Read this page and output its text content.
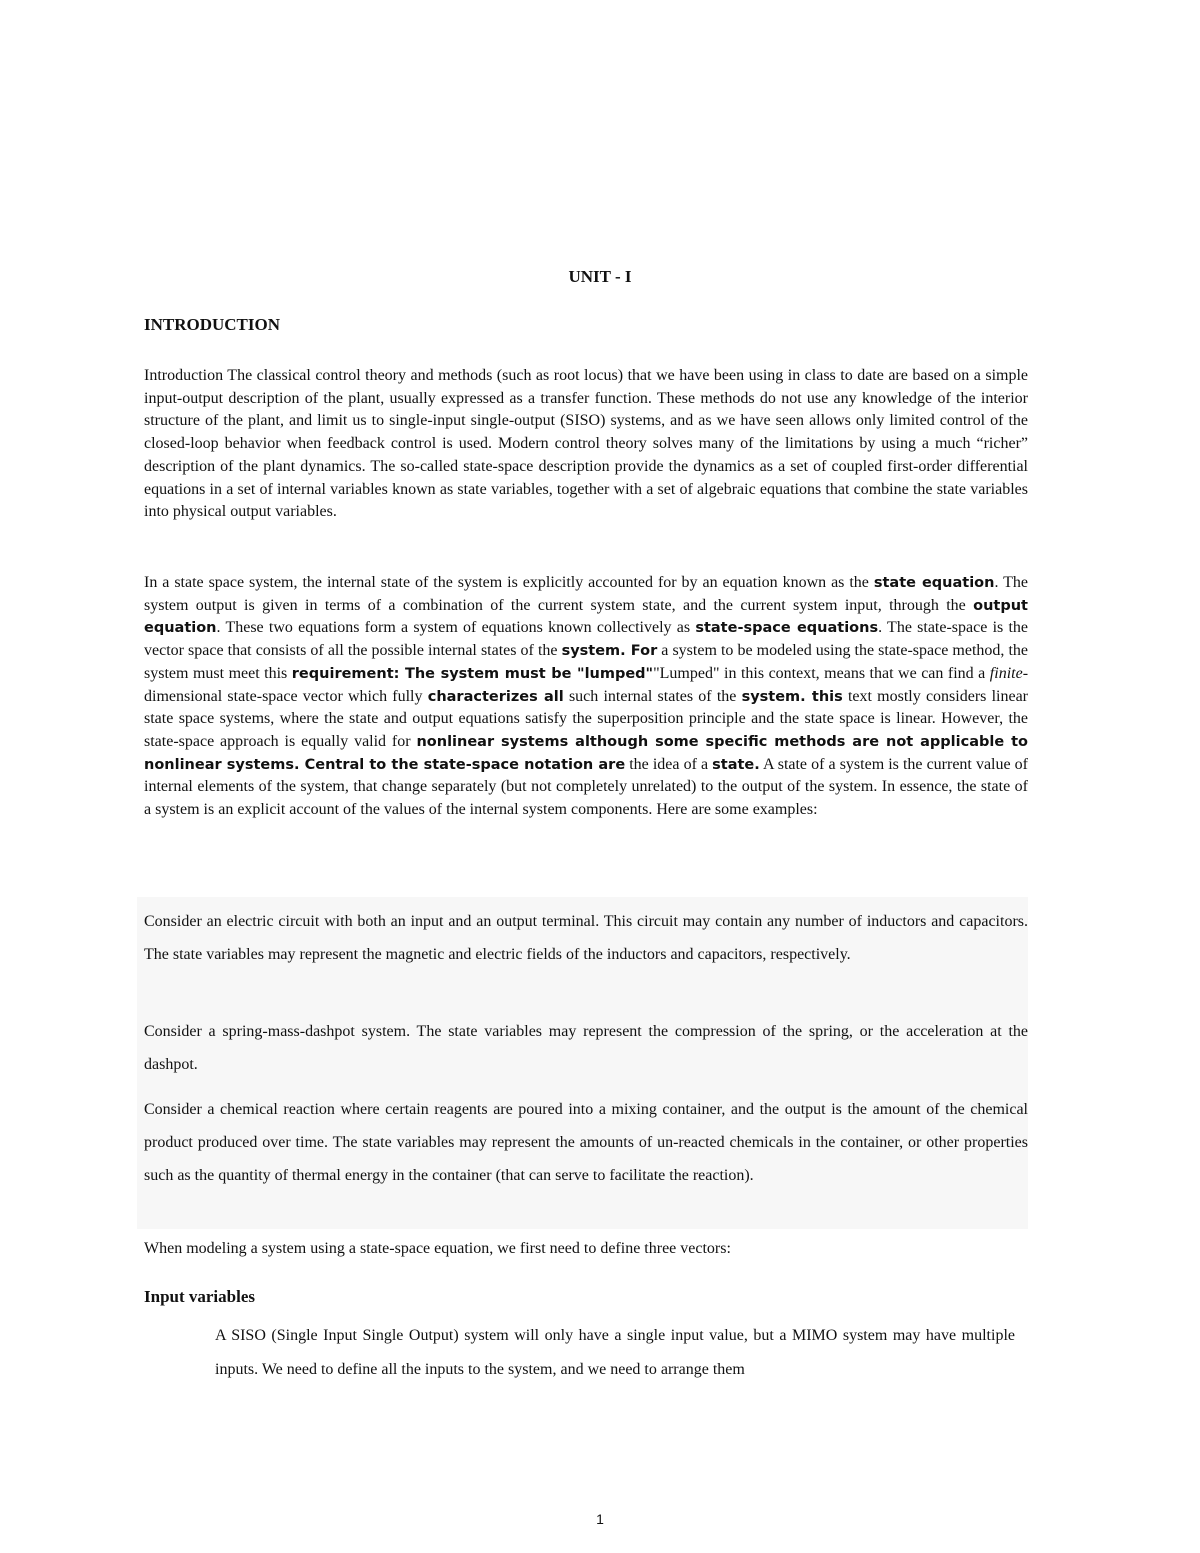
UNIT - I
INTRODUCTION

Introduction The classical control theory and methods (such as root locus) that we have been using in class to date are based on a simple input-output description of the plant, usually expressed as a transfer function. These methods do not use any knowledge of the interior structure of the plant, and limit us to single-input single-output (SISO) systems, and as we have seen allows only limited control of the closed-loop behavior when feedback control is used. Modern control theory solves many of the limitations by using a much “richer” description of the plant dynamics. The so-called state-space description provide the dynamics as a set of coupled first-order differential equations in a set of internal variables known as state variables, together with a set of algebraic equations that combine the state variables into physical output variables.

In a state space system, the internal state of the system is explicitly accounted for by an equation known as the state equation. The system output is given in terms of a combination of the current system state, and the current system input, through the output equation. These two equations form a system of equations known collectively as state-space equations. The state-space is the vector space that consists of all the possible internal states of the system. For a system to be modeled using the state-space method, the system must meet this requirement: The system must be "lumped""Lumped" in this context, means that we can find a finite-dimensional state-space vector which fully characterizes all such internal states of the system. this text mostly considers linear state space systems, where the state and output equations satisfy the superposition principle and the state space is linear. However, the state-space approach is equally valid for nonlinear systems although some specific methods are not applicable to nonlinear systems. Central to the state-space notation are the idea of a state. A state of a system is the current value of internal elements of the system, that change separately (but not completely unrelated) to the output of the system. In essence, the state of a system is an explicit account of the values of the internal system components. Here are some examples:

Consider an electric circuit with both an input and an output terminal. This circuit may contain any number of inductors and capacitors. The state variables may represent the magnetic and electric fields of the inductors and capacitors, respectively.

Consider a spring-mass-dashpot system. The state variables may represent the compression of the spring, or the acceleration at the dashpot.

Consider a chemical reaction where certain reagents are poured into a mixing container, and the output is the amount of the chemical product produced over time. The state variables may represent the amounts of un-reacted chemicals in the container, or other properties such as the quantity of thermal energy in the container (that can serve to facilitate the reaction).

When modeling a system using a state-space equation, we first need to define three vectors:

Input variables

A SISO (Single Input Single Output) system will only have a single input value, but a MIMO system may have multiple inputs. We need to define all the inputs to the system, and we need to arrange them

1
